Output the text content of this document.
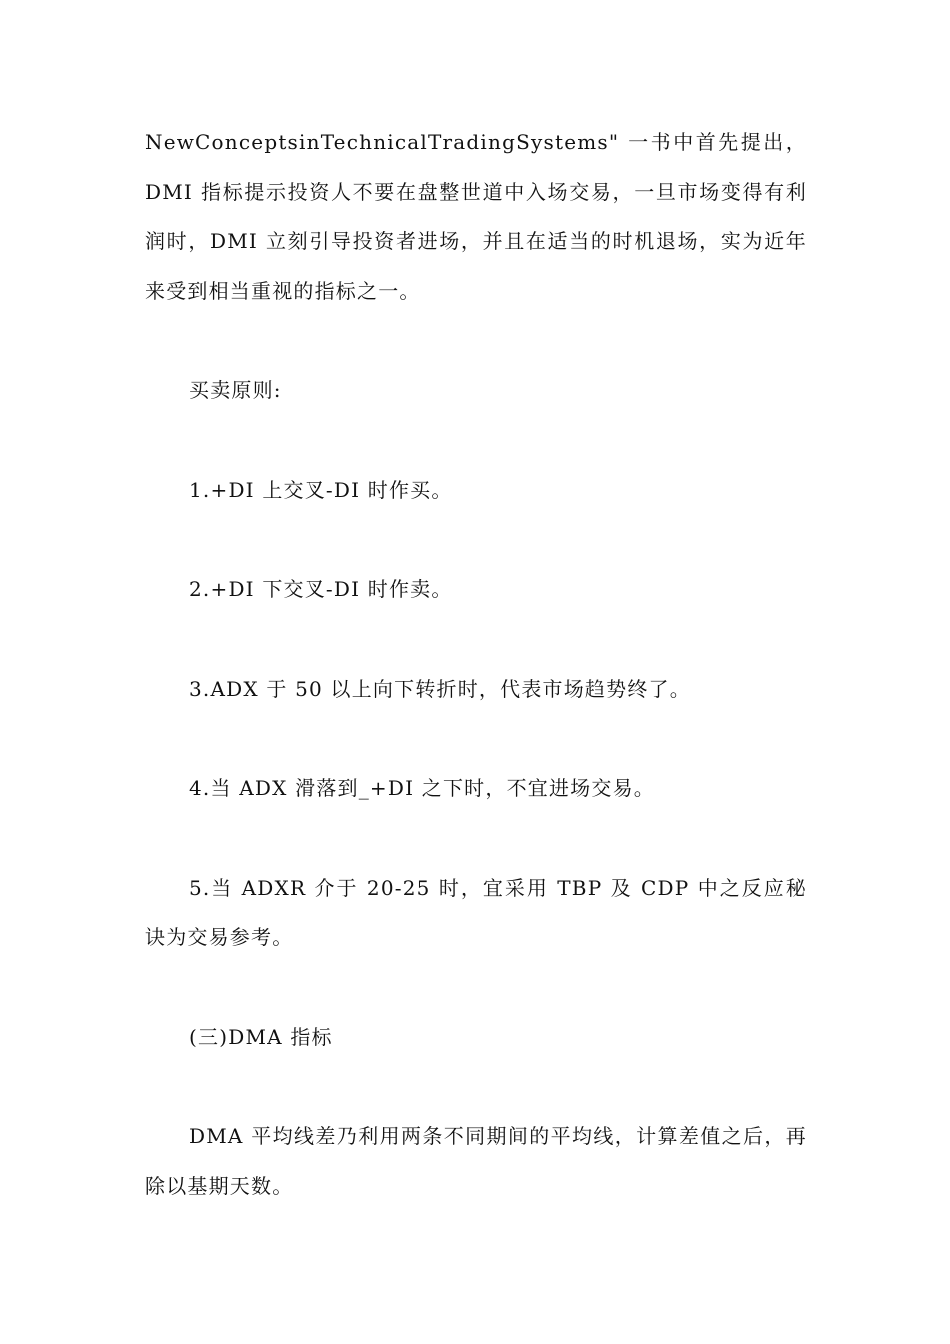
NewConceptsinTechnicalTradingSystems" 一书中首先提出，DMI 指标提示投资人不要在盘整世道中入场交易，一旦市场变得有利润时，DMI 立刻引导投资者进场，并且在适当的时机退场，实为近年来受到相当重视的指标之一。

买卖原则:

1.+DI 上交叉-DI 时作买。

2.+DI 下交叉-DI 时作卖。

3.ADX 于 50 以上向下转折时，代表市场趋势终了。

4.当 ADX 滑落到_+DI 之下时，不宜进场交易。

5.当 ADXR 介于 20-25 时，宜采用 TBP 及 CDP 中之反应秘诀为交易参考。

(三)DMA 指标

DMA 平均线差乃利用两条不同期间的平均线，计算差值之后，再除以基期天数。
